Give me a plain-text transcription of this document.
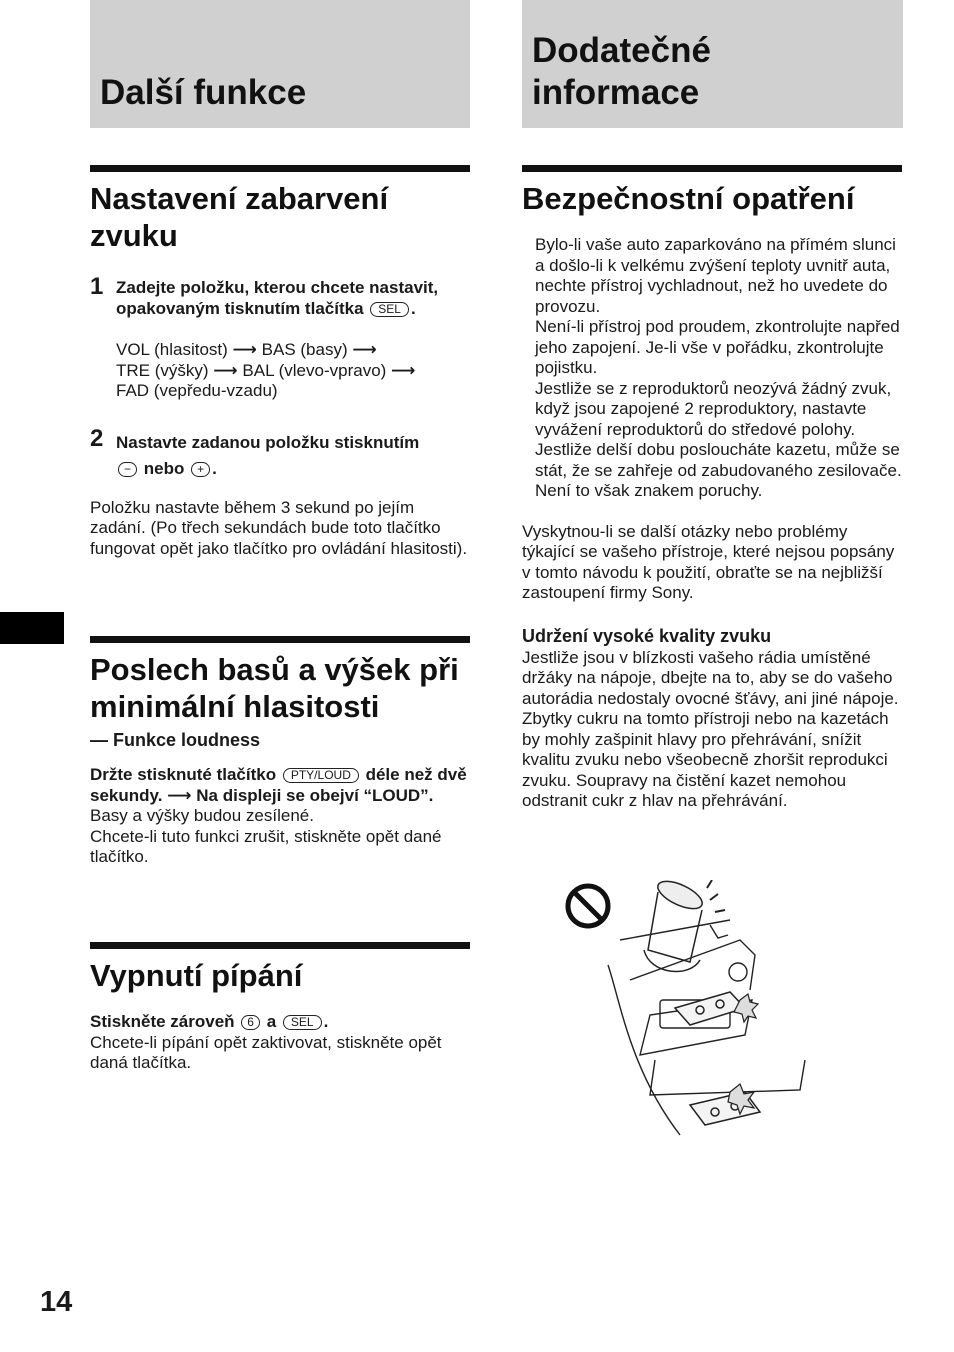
Další funkce
Dodatečné
informace
Nastavení zabarvení zvuku
1 Zadejte položku, kterou chcete nastavit, opakovaným tisknutím tlačítka SEL .

VOL (hlasitost) ⟶ BAS (basy) ⟶
TRE (výšky) ⟶ BAL (vlevo-vpravo) ⟶
FAD (vepředu-vzadu)

2 Nastavte zadanou položku stisknutím
− nebo + .

Položku nastavte během 3 sekund po jejím zadání. (Po třech sekundách bude toto tlačítko fungovat opět jako tlačítko pro ovládání hlasitosti).

Poslech basů a výšek při minimální hlasitosti
— Funkce loudness

Držte stisknuté tlačítko PTY/LOUD déle než dvě sekundy. ⟶ Na displeji se obejví “LOUD”.

Basy a výšky budou zesílené.

Chcete-li tuto funkci zrušit, stiskněte opět dané tlačítko.

Vypnutí pípání

Stiskněte zároveň 6 a SEL .

Chcete-li pípání opět zaktivovat, stiskněte opět daná tlačítka.

Bezpečnostní opatření

Bylo-li vaše auto zaparkováno na přímém slunci a došlo-li k velkému zvýšení teploty uvnitř auta, nechte přístroj vychladnout, než ho uvedete do provozu.

Není-li přístroj pod proudem, zkontrolujte napřed jeho zapojení. Je-li vše v pořádku, zkontrolujte pojistku.

Jestliže se z reproduktorů neozývá žádný zvuk, když jsou zapojené 2 reproduktory, nastavte vyvážení reproduktorů do středové polohy.

Jestliže delší dobu posloucháte kazetu, může se stát, že se zahřeje od zabudovaného zesilovače. Není to však znakem poruchy.

Vyskytnou-li se další otázky nebo problémy týkající se vašeho přístroje, které nejsou popsány v tomto návodu k použití, obraťte se na nejbližší zastoupení firmy Sony.

Udržení vysoké kvality zvuku

Jestliže jsou v blízkosti vašeho rádia umístěné držáky na nápoje, dbejte na to, aby se do vašeho autorádia nedostaly ovocné šťávy, ani jiné nápoje. Zbytky cukru na tomto přístroji nebo na kazetách by mohly zašpinit hlavy pro přehrávání, snížit kvalitu zvuku nebo všeobecně zhoršit reprodukci zvuku. Soupravy na čistění kazet nemohou odstranit cukr z hlav na přehrávání.

14
